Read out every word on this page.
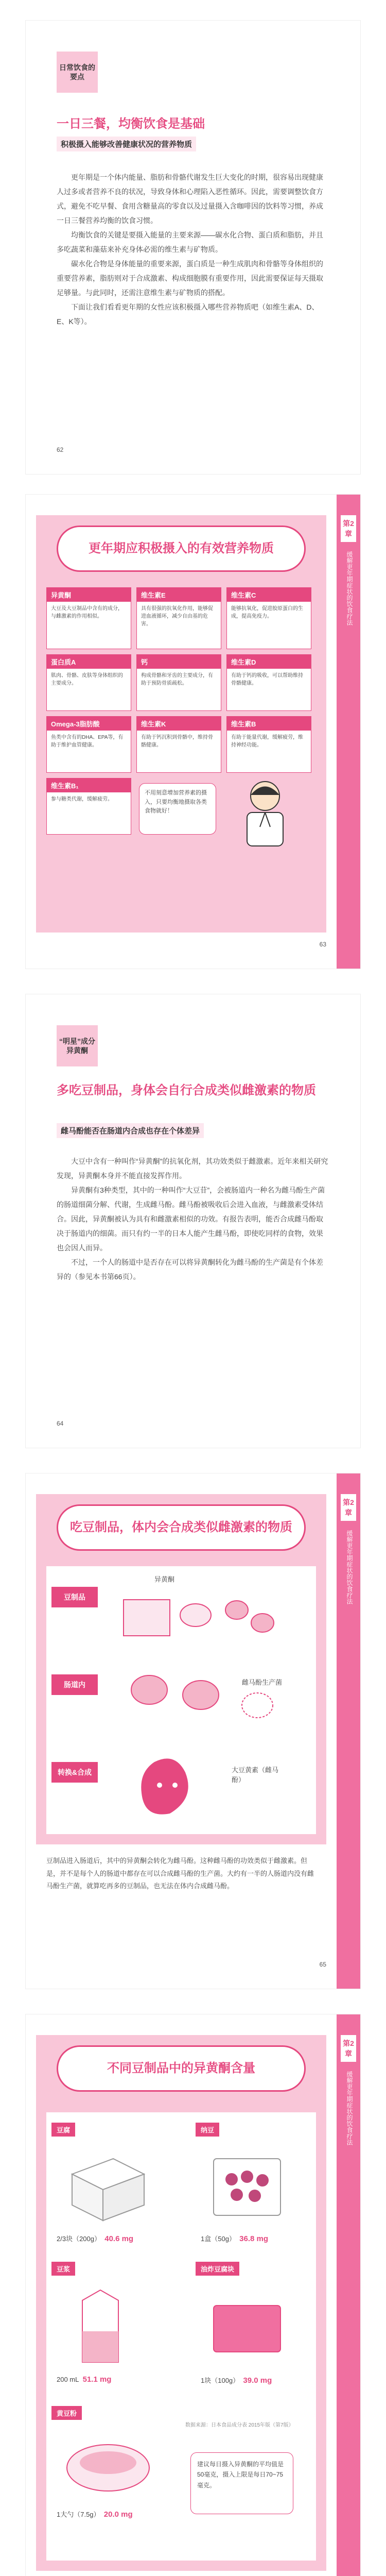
日常饮食的要点
一日三餐，均衡饮食是基础
积极摄入能够改善健康状况的营养物质

更年期是一个体内能量、脂肪和骨骼代谢发生巨大变化的时期，很容易出现健康人过多或者营养不良的状况，导致身体和心理陷入恶性循环。因此，需要调整饮食方式，避免不吃早餐、食用含糖量高的零食以及过量摄入含咖啡因的饮料等习惯，养成一日三餐营养均衡的饮食习惯。

均衡饮食的关键是要摄入能量的主要来源——碳水化合物、蛋白质和脂肪，并且多吃蔬菜和藻菇来补充身体必需的维生素与矿物质。

碳水化合物是身体能量的重要来源，蛋白质是一种生成肌肉和骨骼等身体组织的重要营养素，脂肪则对于合成激素、构成细胞膜有重要作用，因此需要保证每天摄取足够量。与此同时，还需注意维生素与矿物质的搭配。

下面让我们看看更年期的女性应该积极摄入哪些营养物质吧（如维生素A、D、E、K等）。

62
第2章
缓解更年期症状的饮食疗法
更年期应积极摄入的有效营养物质
异黄酮
大豆及大豆制品中含有的成分，与雌激素的作用相似。
维生素E
具有很强的抗氧化作用，能够促进血液循环，减少自由基的危害。
维生素C
能够抗氧化，促进胶原蛋白的生成，提高免疫力。
蛋白质A
肌肉、骨骼、皮肤等身体组织的主要成分。
钙
构成骨骼和牙齿的主要成分，有助于预防骨质疏松。
维生素D
有助于钙的吸收，可以帮助维持骨骼健康。
Omega-3脂肪酸
鱼类中含有的DHA、EPA等，有助于维护血管健康。
维生素K
有助于钙沉积到骨骼中，维持骨骼健康。
维生素B
有助于能量代谢，缓解疲劳，维持神经功能。
维生素B₁
参与糖类代谢，缓解疲劳。
不用刻意增加营养素的摄入，只要均衡地摄取各类食物就好！
63
“明星”成分 异黄酮
多吃豆制品，身体会自行合成类似雌激素的物质
雌马酚能否在肠道内合成也存在个体差异

大豆中含有一种叫作“异黄酮”的抗氧化剂，其功效类似于雌激素。近年来相关研究发现，异黄酮本身并不能直接发挥作用。

异黄酮有3种类型，其中的一种叫作“大豆苷”，会被肠道内一种名为雌马酚生产菌的肠道细菌分解、代谢，生成雌马酚。雌马酚被吸收后会进入血液，与雌激素受体结合。因此，异黄酮被认为具有和雌激素相似的功效。有报告表明，能否合成雌马酚取决于肠道内的细菌。而只有约一半的日本人能产生雌马酚，即使吃同样的食物，效果也会因人而异。

不过，一个人的肠道中是否存在可以将异黄酮转化为雌马酚的生产菌是有个体差异的（参见本书第66页）。

64
第2章
缓解更年期症状的饮食疗法
吃豆制品，体内会合成类似雌激素的物质
豆制品
肠道内
转换&合成
异黄酮
雌马酚生产菌
大豆黄素（雌马酚）
豆制品进入肠道后，其中的异黄酮会转化为雌马酚。这种雌马酚的功效类似于雌激素。但是，并不是每个人的肠道中都存在可以合成雌马酚的生产菌。大约有一半的人肠道内没有雌马酚生产菌，就算吃再多的豆制品，也无法在体内合成雌马酚。
65
第2章
缓解更年期症状的饮食疗法
不同豆制品中的异黄酮含量
豆腐
2/3块（200g） 40.6 mg
纳豆
1盒（50g） 36.8 mg
豆浆
200 mL 51.1 mg
油炸豆腐块
1块（100g） 39.0 mg
黄豆粉
1大勺（7.5g） 20.0 mg
数据来源：日本食品成分表 2015年版（第7版）
建议每日摄入异黄酮的平均值是50毫克，摄入上限是每日70~75毫克。
